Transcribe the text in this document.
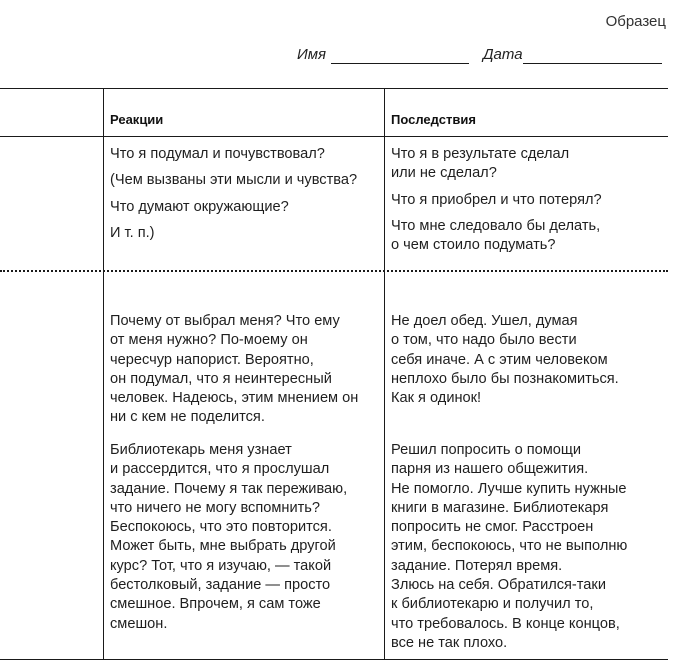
Образец
Имя	Дата
Реакции	Последствия
Что я подумал и почувствовал?
(Чем вызваны эти мысли и чувства?
Что думают окружающие?
И т. п.)
Что я в результате сделал
или не сделал?
Что я приобрел и что потерял?
Что мне следовало бы делать,
о чем стоило подумать?
Почему от выбрал меня? Что ему
от меня нужно? По-моему он
чересчур напорист. Вероятно,
он подумал, что я неинтересный
человек. Надеюсь, этим мнением он
ни с кем не поделится.
Не доел обед. Ушел, думая
о том, что надо было вести
себя иначе. А с этим человеком
неплохо было бы познакомиться.
Как я одинок!
Библиотекарь меня узнает
и рассердится, что я прослушал
задание. Почему я так переживаю,
что ничего не могу вспомнить?
Беспокоюсь, что это повторится.
Может быть, мне выбрать другой
курс? Тот, что я изучаю, — такой
бестолковый, задание — просто
смешное. Впрочем, я сам тоже
смешон.
Решил попросить о помощи
парня из нашего общежития.
Не помогло. Лучше купить нужные
книги в магазине. Библиотекаря
попросить не смог. Расстроен
этим, беспокоюсь, что не выполню
задание. Потерял время.
Злюсь на себя. Обратился-таки
к библиотекарю и получил то,
что требовалось. В конце концов,
все не так плохо.
